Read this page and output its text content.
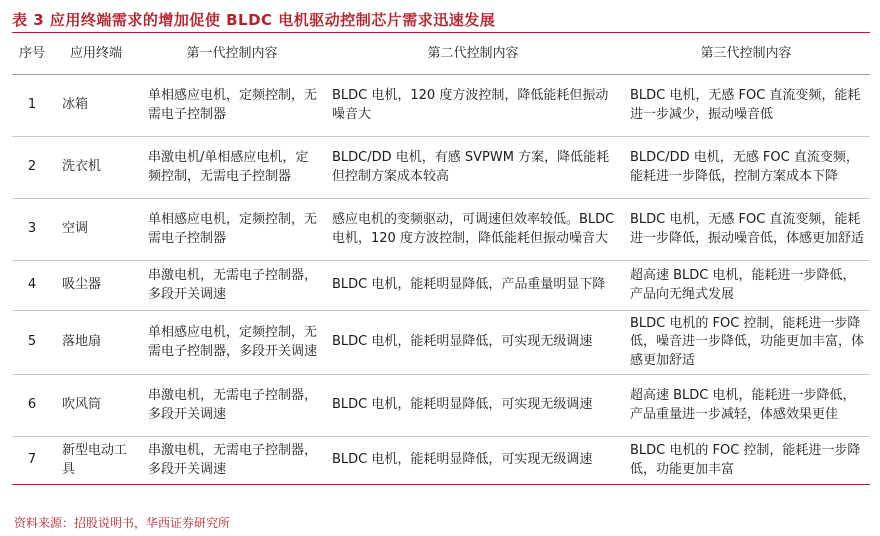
表 3 应用终端需求的增加促使 BLDC 电机驱动控制芯片需求迅速发展
序号	应用终端	第一代控制内容	第二代控制内容	第三代控制内容
1	冰箱	单相感应电机，定频控制，无需电子控制器	BLDC 电机，120 度方波控制，降低能耗但振动噪音大	BLDC 电机，无感 FOC 直流变频，能耗进一步减少，振动噪音低
2	洗衣机	串激电机/单相感应电机，定频控制，无需电子控制器	BLDC/DD 电机，有感 SVPWM 方案，降低能耗但控制方案成本较高	BLDC/DD 电机，无感 FOC 直流变频，能耗进一步降低，控制方案成本下降
3	空调	单相感应电机，定频控制，无需电子控制器	感应电机的变频驱动，可调速但效率较低。BLDC 电机，120 度方波控制，降低能耗但振动噪音大	BLDC 电机，无感 FOC 直流变频，能耗进一步降低，振动噪音低，体感更加舒适
4	吸尘器	串激电机，无需电子控制器，多段开关调速	BLDC 电机，能耗明显降低，产品重量明显下降	超高速 BLDC 电机，能耗进一步降低，产品向无绳式发展
5	落地扇	单相感应电机，定频控制，无需电子控制器，多段开关调速	BLDC 电机，能耗明显降低，可实现无级调速	BLDC 电机的 FOC 控制，能耗进一步降低，噪音进一步降低，功能更加丰富，体感更加舒适
6	吹风筒	串激电机，无需电子控制器，多段开关调速	BLDC 电机，能耗明显降低，可实现无级调速	超高速 BLDC 电机，能耗进一步降低，产品重量进一步减轻，体感效果更佳
7	新型电动工具	串激电机，无需电子控制器，多段开关调速	BLDC 电机，能耗明显降低，可实现无级调速	BLDC 电机的 FOC 控制，能耗进一步降低，功能更加丰富
资料来源：招股说明书，华西证券研究所
